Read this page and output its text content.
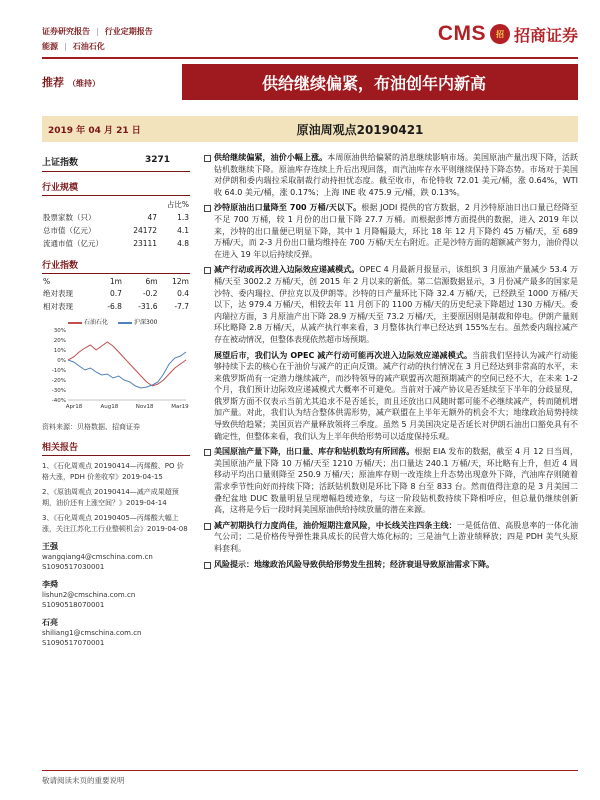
证券研究报告 | 行业定期报告
能源 | 石油石化
CMS	招 招商证券
推荐 （维持）	供给继续偏紧，布油创年内新高
2019 年 04 月 21 日	原油周观点20190421
上证指数	3271
行业规模
		占比%
股票家数（只）	47	1.3
总市值（亿元）	24172	4.1
流通市值（亿元）	23111	4.8
行业指数
%	1m	6m	12m
绝对表现	0.7	-0.2	0.4
相对表现	-6.8	-31.6	-7.7
石油石化	沪深300
30%
20%
10%
0%
-10%
-20%
-30%
-40%
Apr18	Aug18	Nov18	Mar19
资料来源：贝格数据、招商证券
相关报告
1、《石化周观点 20190414—丙烯酸、PO 价格大涨，PDH 价差收窄》2019-04-15
2、《原油周观点 20190414—减产成果超预期，油价还有上涨空间？》2019-04-14
3、《石化周观点 20190405—丙烯酸大幅上涨，关注江苏化工行业整顿机会》2019-04-08
王强
wangqiang4@cmschina.com.cn
S1090517030001
李舜
lishun2@cmschina.com.cn
S1090518070001
石亮
shiliang1@cmschina.com.cn
S1090517070001
供给继续偏紧，油价小幅上涨。本周原油供给偏紧的消息继续影响市场。美国原油产量出现下降，活跃钻机数继续下降。原油库存连续上升后出现回落，而汽油库存水平则继续保持下降态势。市场对于美国对伊朗和委内瑞拉采取制裁行动持担忧态度。截至收市，布伦特收 72.01 美元/桶，涨 0.64%，WTI 收 64.0 美元/桶，涨 0.17%；上海 INE 收 475.9 元/桶，跌 0.13%。
沙特原油出口量降至 700 万桶/天以下。根据 JODI 提供的官方数据，2 月沙特原油日出口量已经降至不足 700 万桶，较 1 月份的出口量下降 27.7 万桶。而根据彭博方面提供的数据，进入 2019 年以来，沙特的出口量便已明显下降，其中 1 月降幅最大，环比 18 年 12 月下降约 45 万桶/天，至 689 万桶/天，而 2-3 月份出口量均维持在 700 万桶/天左右附近。正是沙特方面的超额减产努力，油价得以在进入 19 年以后持续反弹。
减产行动或再次进入边际效应递减模式。OPEC 4 月最新月报显示，该组织 3 月原油产量减少 53.4 万桶/天至 3002.2 万桶/天，创 2015 年 2 月以来的新低。第二信源数据显示，3 月份减产最多的国家是沙特、委内瑞拉、伊拉克以及伊朗等。沙特的日产量环比下降 32.4 万桶/天，已经跌至 1000 万桶/天以下，达 979.4 万桶/天，相较去年 11 月创下的 1100 万桶/天的历史纪录下降超过 130 万桶/天。委内瑞拉方面，3 月原油产出下降 28.9 万桶/天至 73.2 万桶/天，主要原因则是制裁和停电。伊朗产量则环比略降 2.8 万桶/天，从减产执行率来看，3 月整体执行率已经达到 155%左右。虽然委内瑞拉减产存在被动情况，但整体表现依然超市场预期。
展望后市，我们认为 OPEC 减产行动可能再次进入边际效应递减模式。当前我们坚持认为减产行动能够持续下去的核心在于油价与减产的正向反馈。减产行动的执行情况在 3 月已经达到非常高的水平，未来俄罗斯尚有一定潜力继续减产，而沙特领导的减产联盟再次超预期减产的空间已经不大，在未来 1-2 个月，我们预计边际效应递减模式大概率不可避免。当前对于减产协议是否延续至下半年的分歧显现，俄罗斯方面不仅表示当前尤其追求不是否延长，而且还放出口风随时都可能不必继续减产，转而随机增加产量。对此，我们认为结合整体供需形势，减产联盟在上半年无额外的机会不大；地缘政治局势持续导致供给趋紧；美国页岩产量释放领将三季度。虽然 5 月美国决定是否延长对伊朗石油出口豁免具有不确定性，但整体来看，我们认为上半年供给形势可以适度保持乐观。
美国原油产量下降，出口量、库存和钻机数均有所回落。根据 EIA 发布的数据，截至 4 月 12 日当周，美国原油产量下降 10 万桶/天至 1210 万桶/天；出口量达 240.1 万桶/天，环比略有上升，但近 4 周移动平均出口量则降至 250.9 万桶/天；原油库存则一改连续上升态势出现意外下降，汽油库存则随着需求季节性向好而持续下降；活跃钻机数则是环比下降 8 台至 833 台。然而值得注意的是 3 月美国二叠纪盆地 DUC 数量明显呈现增幅趋缓迹象，与这一阶段钻机数持续下降相呼应，但总量仍继续创新高，这将是今后一段时间美国原油供给持续放量的潜在来源。
减产初期执行力度尚佳，油价短期注意风险，中长线关注四条主线：一是低估值、高股息率的一体化油气公司；二是价格传导弹性兼具成长的民营大炼化标的；三是油气上游业绩释放；四是 PDH 美气头原料套利。
风险提示：地缘政治风险导致供给形势发生扭转；经济衰退导致原油需求下降。
敬请阅读末页的重要说明
